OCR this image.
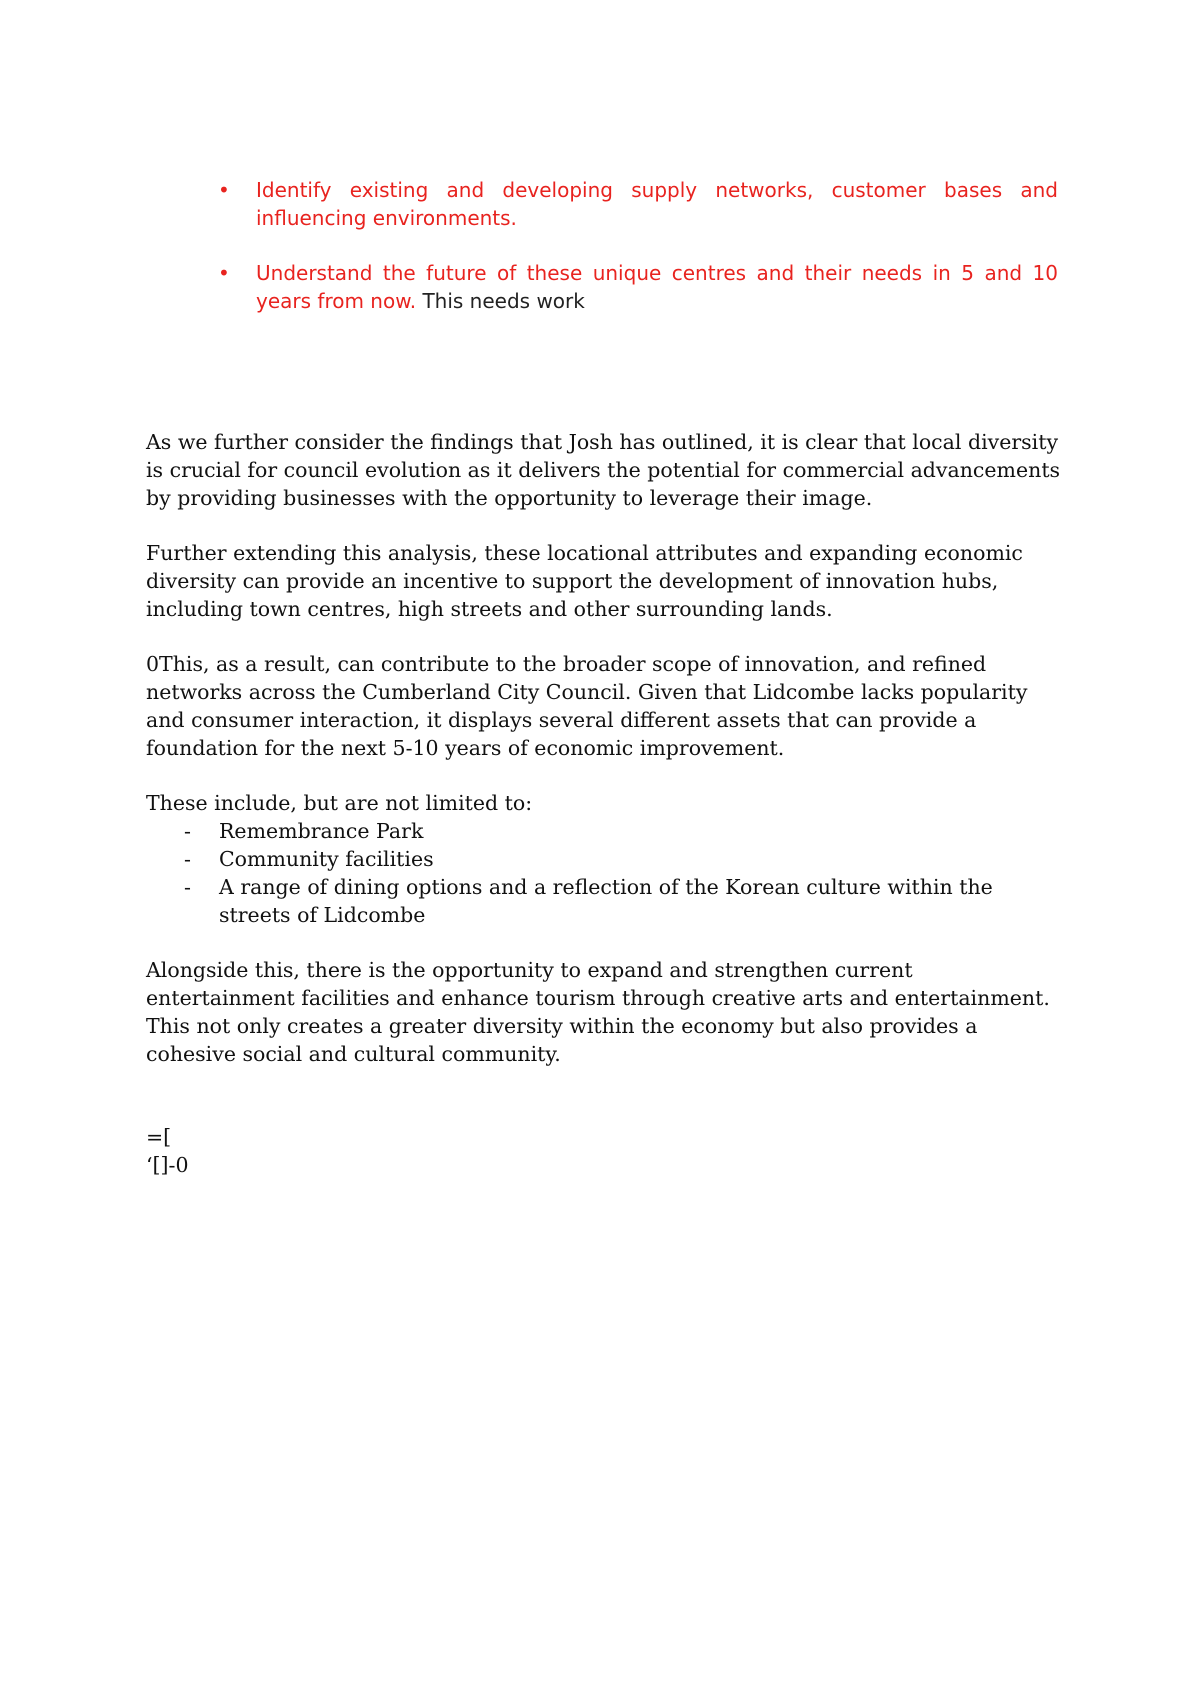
• Identify existing and developing supply networks, customer bases and influencing environments.
• Understand the future of these unique centres and their needs in 5 and 10 years from now. This needs work

As we further consider the findings that Josh has outlined, it is clear that local diversity is crucial for council evolution as it delivers the potential for commercial advancements by providing businesses with the opportunity to leverage their image.

Further extending this analysis, these locational attributes and expanding economic diversity can provide an incentive to support the development of innovation hubs, including town centres, high streets and other surrounding lands.

0This, as a result, can contribute to the broader scope of innovation, and refined networks across the Cumberland City Council. Given that Lidcombe lacks popularity and consumer interaction, it displays several different assets that can provide a foundation for the next 5-10 years of economic improvement.

These include, but are not limited to:
- Remembrance Park
- Community facilities
- A range of dining options and a reflection of the Korean culture within the streets of Lidcombe

Alongside this, there is the opportunity to expand and strengthen current entertainment facilities and enhance tourism through creative arts and entertainment. This not only creates a greater diversity within the economy but also provides a cohesive social and cultural community.

=[
‘[]-0
